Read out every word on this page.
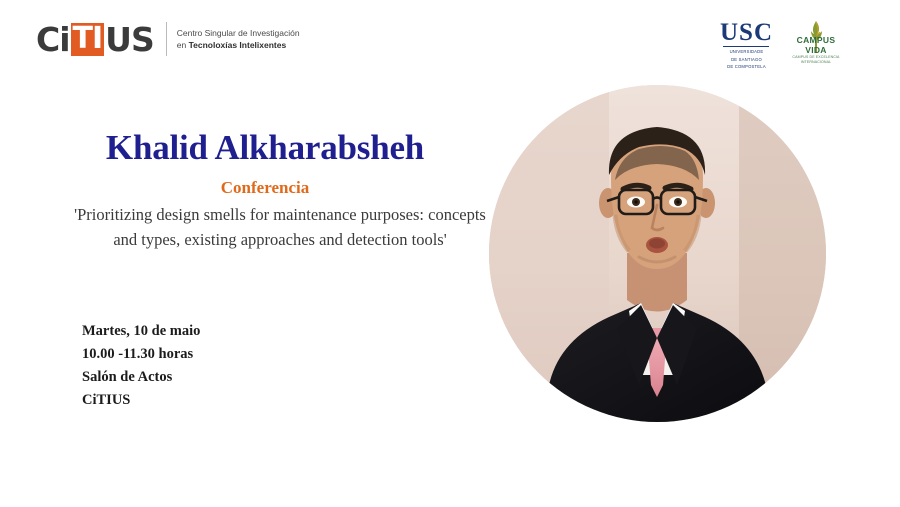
C i TI US	Centro Singular de Investigación
en Tecnoloxías Intelixentes	USC
UNIVERSIDADE
DE SANTIAGO
DE COMPOSTELA
CAMPUS VIDA
CAMPUS DE EXCELENCIA INTERNACIONAL
Khalid Alkharabsheh
Conferencia
'Prioritizing design smells for maintenance purposes: concepts and types, existing approaches and detection tools'
Martes, 10 de maio
10.00 -11.30 horas
Salón de Actos
CiTIUS
